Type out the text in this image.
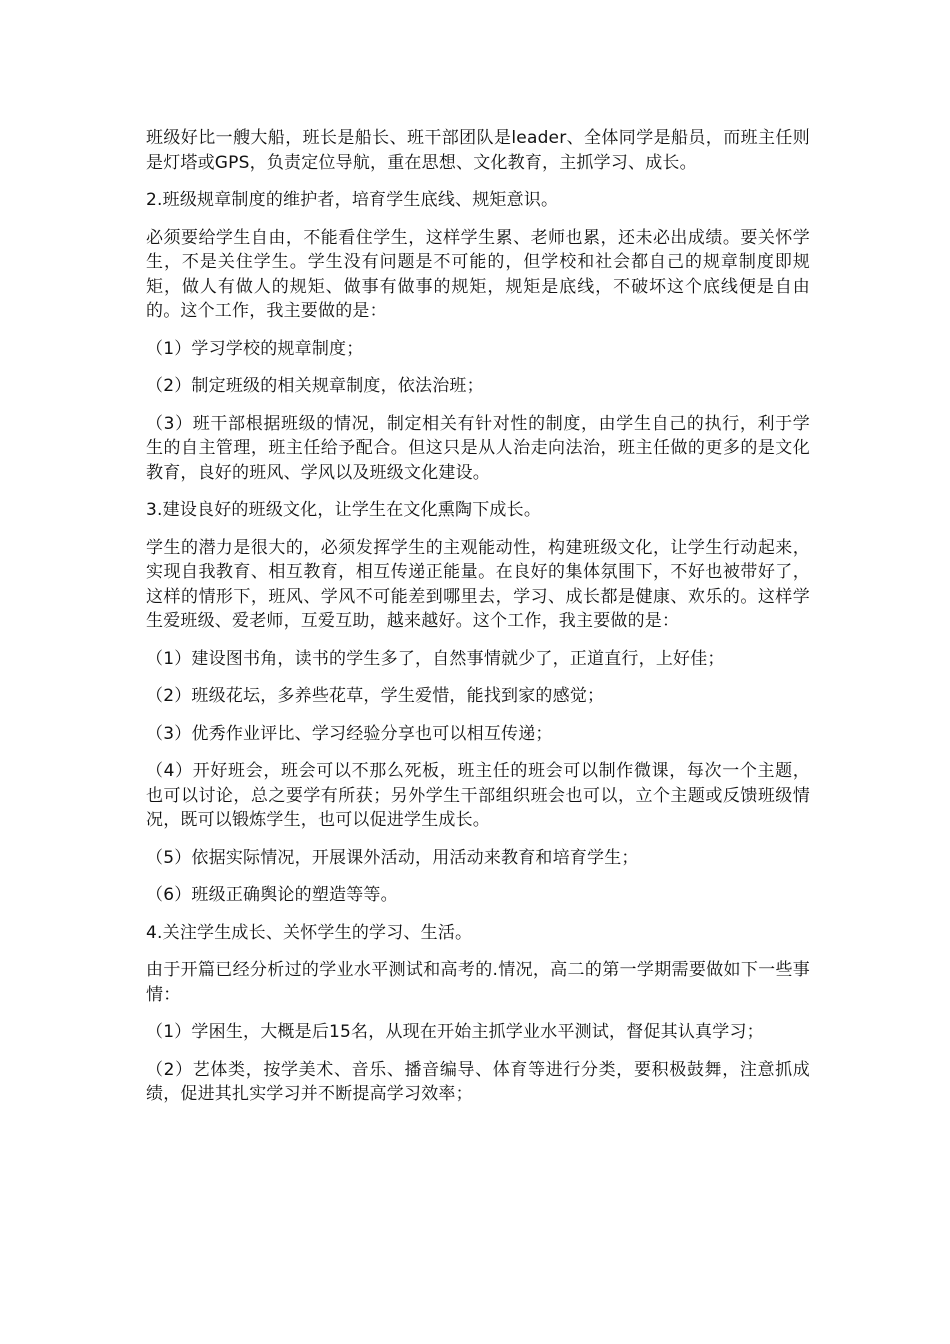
班级好比一艘大船，班长是船长、班干部团队是leader、全体同学是船员，而班主任则是灯塔或GPS，负责定位导航，重在思想、文化教育，主抓学习、成长。

2.班级规章制度的维护者，培育学生底线、规矩意识。

必须要给学生自由，不能看住学生，这样学生累、老师也累，还未必出成绩。要关怀学生，不是关住学生。学生没有问题是不可能的，但学校和社会都自己的规章制度即规矩，做人有做人的规矩、做事有做事的规矩，规矩是底线，不破坏这个底线便是自由的。这个工作，我主要做的是：

（1）学习学校的规章制度；

（2）制定班级的相关规章制度，依法治班；

（3）班干部根据班级的情况，制定相关有针对性的制度，由学生自己的执行，利于学生的自主管理，班主任给予配合。但这只是从人治走向法治，班主任做的更多的是文化教育，良好的班风、学风以及班级文化建设。

3.建设良好的班级文化，让学生在文化熏陶下成长。

学生的潜力是很大的，必须发挥学生的主观能动性，构建班级文化，让学生行动起来，实现自我教育、相互教育，相互传递正能量。在良好的集体氛围下，不好也被带好了，这样的情形下，班风、学风不可能差到哪里去，学习、成长都是健康、欢乐的。这样学生爱班级、爱老师，互爱互助，越来越好。这个工作，我主要做的是：

（1）建设图书角，读书的学生多了，自然事情就少了，正道直行，上好佳；

（2）班级花坛，多养些花草，学生爱惜，能找到家的感觉；

（3）优秀作业评比、学习经验分享也可以相互传递；

（4）开好班会，班会可以不那么死板，班主任的班会可以制作微课，每次一个主题，也可以讨论，总之要学有所获；另外学生干部组织班会也可以，立个主题或反馈班级情况，既可以锻炼学生，也可以促进学生成长。

（5）依据实际情况，开展课外活动，用活动来教育和培育学生；

（6）班级正确舆论的塑造等等。

4.关注学生成长、关怀学生的学习、生活。

由于开篇已经分析过的学业水平测试和高考的.情况，高二的第一学期需要做如下一些事情：

（1）学困生，大概是后15名，从现在开始主抓学业水平测试，督促其认真学习；

（2）艺体类，按学美术、音乐、播音编导、体育等进行分类，要积极鼓舞，注意抓成绩，促进其扎实学习并不断提高学习效率；
